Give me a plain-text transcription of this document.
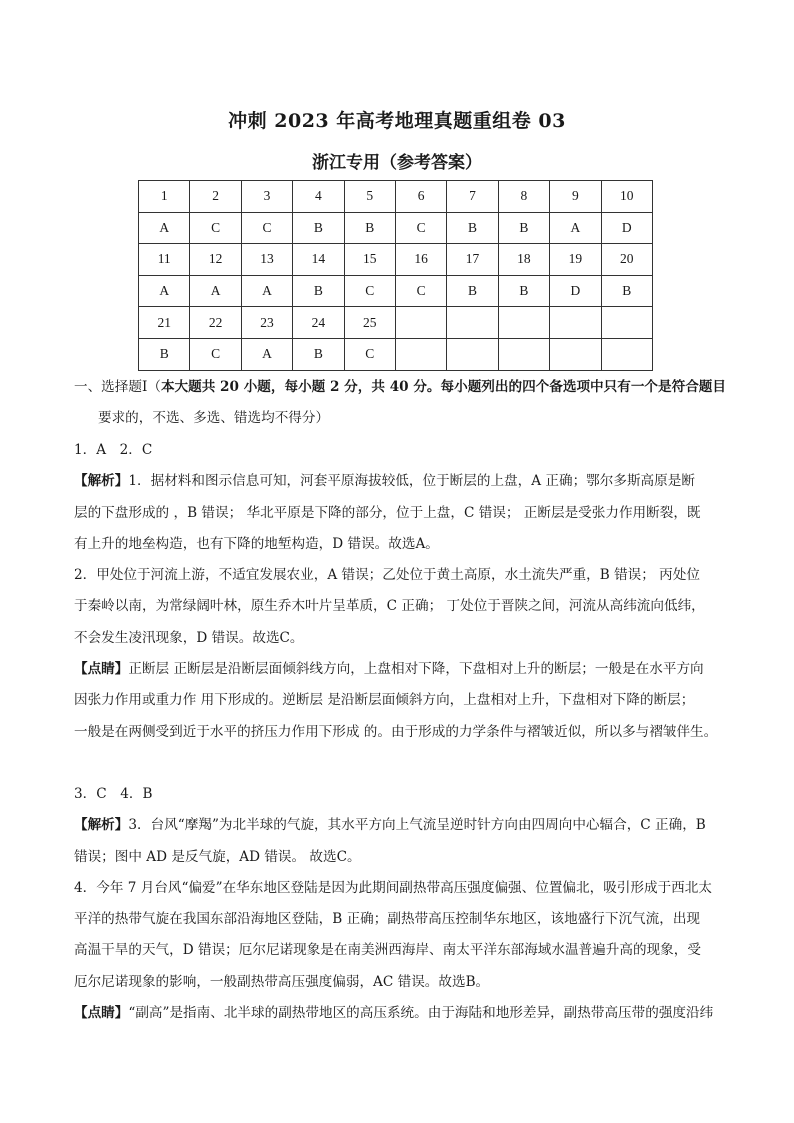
冲刺 2023 年高考地理真题重组卷 03
浙江专用（参考答案）
1	2	3	4	5	6	7	8	9	10
A	C	C	B	B	C	B	B	A	D
11	12	13	14	15	16	17	18	19	20
A	A	A	B	C	C	B	B	D	B
21	22	23	24	25					
B	C	A	B	C					
一、选择题Ⅰ（本大题共 20 小题，每小题 2 分，共 40 分。每小题列出的四个备选项中只有一个是符合题目
要求的，不选、多选、错选均不得分）
1．A　2．C
【解析】1．据材料和图示信息可知，河套平原海拔较低，位于断层的上盘，A 正确；鄂尔多斯高原是断
层的下盘形成的 ，B 错误； 华北平原是下降的部分，位于上盘，C 错误； 正断层是受张力作用断裂，既
有上升的地垒构造，也有下降的地堑构造，D 错误。故选A。
2．甲处位于河流上游，不适宜发展农业，A 错误；乙处位于黄土高原，水土流失严重，B 错误； 丙处位
于秦岭以南，为常绿阔叶林，原生乔木叶片呈革质，C 正确； 丁处位于晋陕之间，河流从高纬流向低纬，
不会发生凌汛现象，D 错误。故选C。
【点睛】正断层 正断层是沿断层面倾斜线方向，上盘相对下降，下盘相对上升的断层；一般是在水平方向
因张力作用或重力作 用下形成的。逆断层 是沿断层面倾斜方向，上盘相对上升，下盘相对下降的断层；
一般是在两侧受到近于水平的挤压力作用下形成 的。由于形成的力学条件与褶皱近似，所以多与褶皱伴生。
3．C　4．B
【解析】3．台风“摩羯”为北半球的气旋，其水平方向上气流呈逆时针方向由四周向中心辐合，C 正确，B
错误；图中 AD 是反气旋，AD 错误。 故选C。
4．今年 7 月台风“偏爱”在华东地区登陆是因为此期间副热带高压强度偏强、位置偏北，吸引形成于西北太
平洋的热带气旋在我国东部沿海地区登陆，B 正确；副热带高压控制华东地区，该地盛行下沉气流，出现
高温干旱的天气，D 错误；厄尔尼诺现象是在南美洲西海岸、南太平洋东部海域水温普遍升高的现象，受
厄尔尼诺现象的影响，一般副热带高压强度偏弱，AC 错误。故选B。
【点睛】“副高”是指南、北半球的副热带地区的高压系统。由于海陆和地形差异，副热带高压带的强度沿纬
